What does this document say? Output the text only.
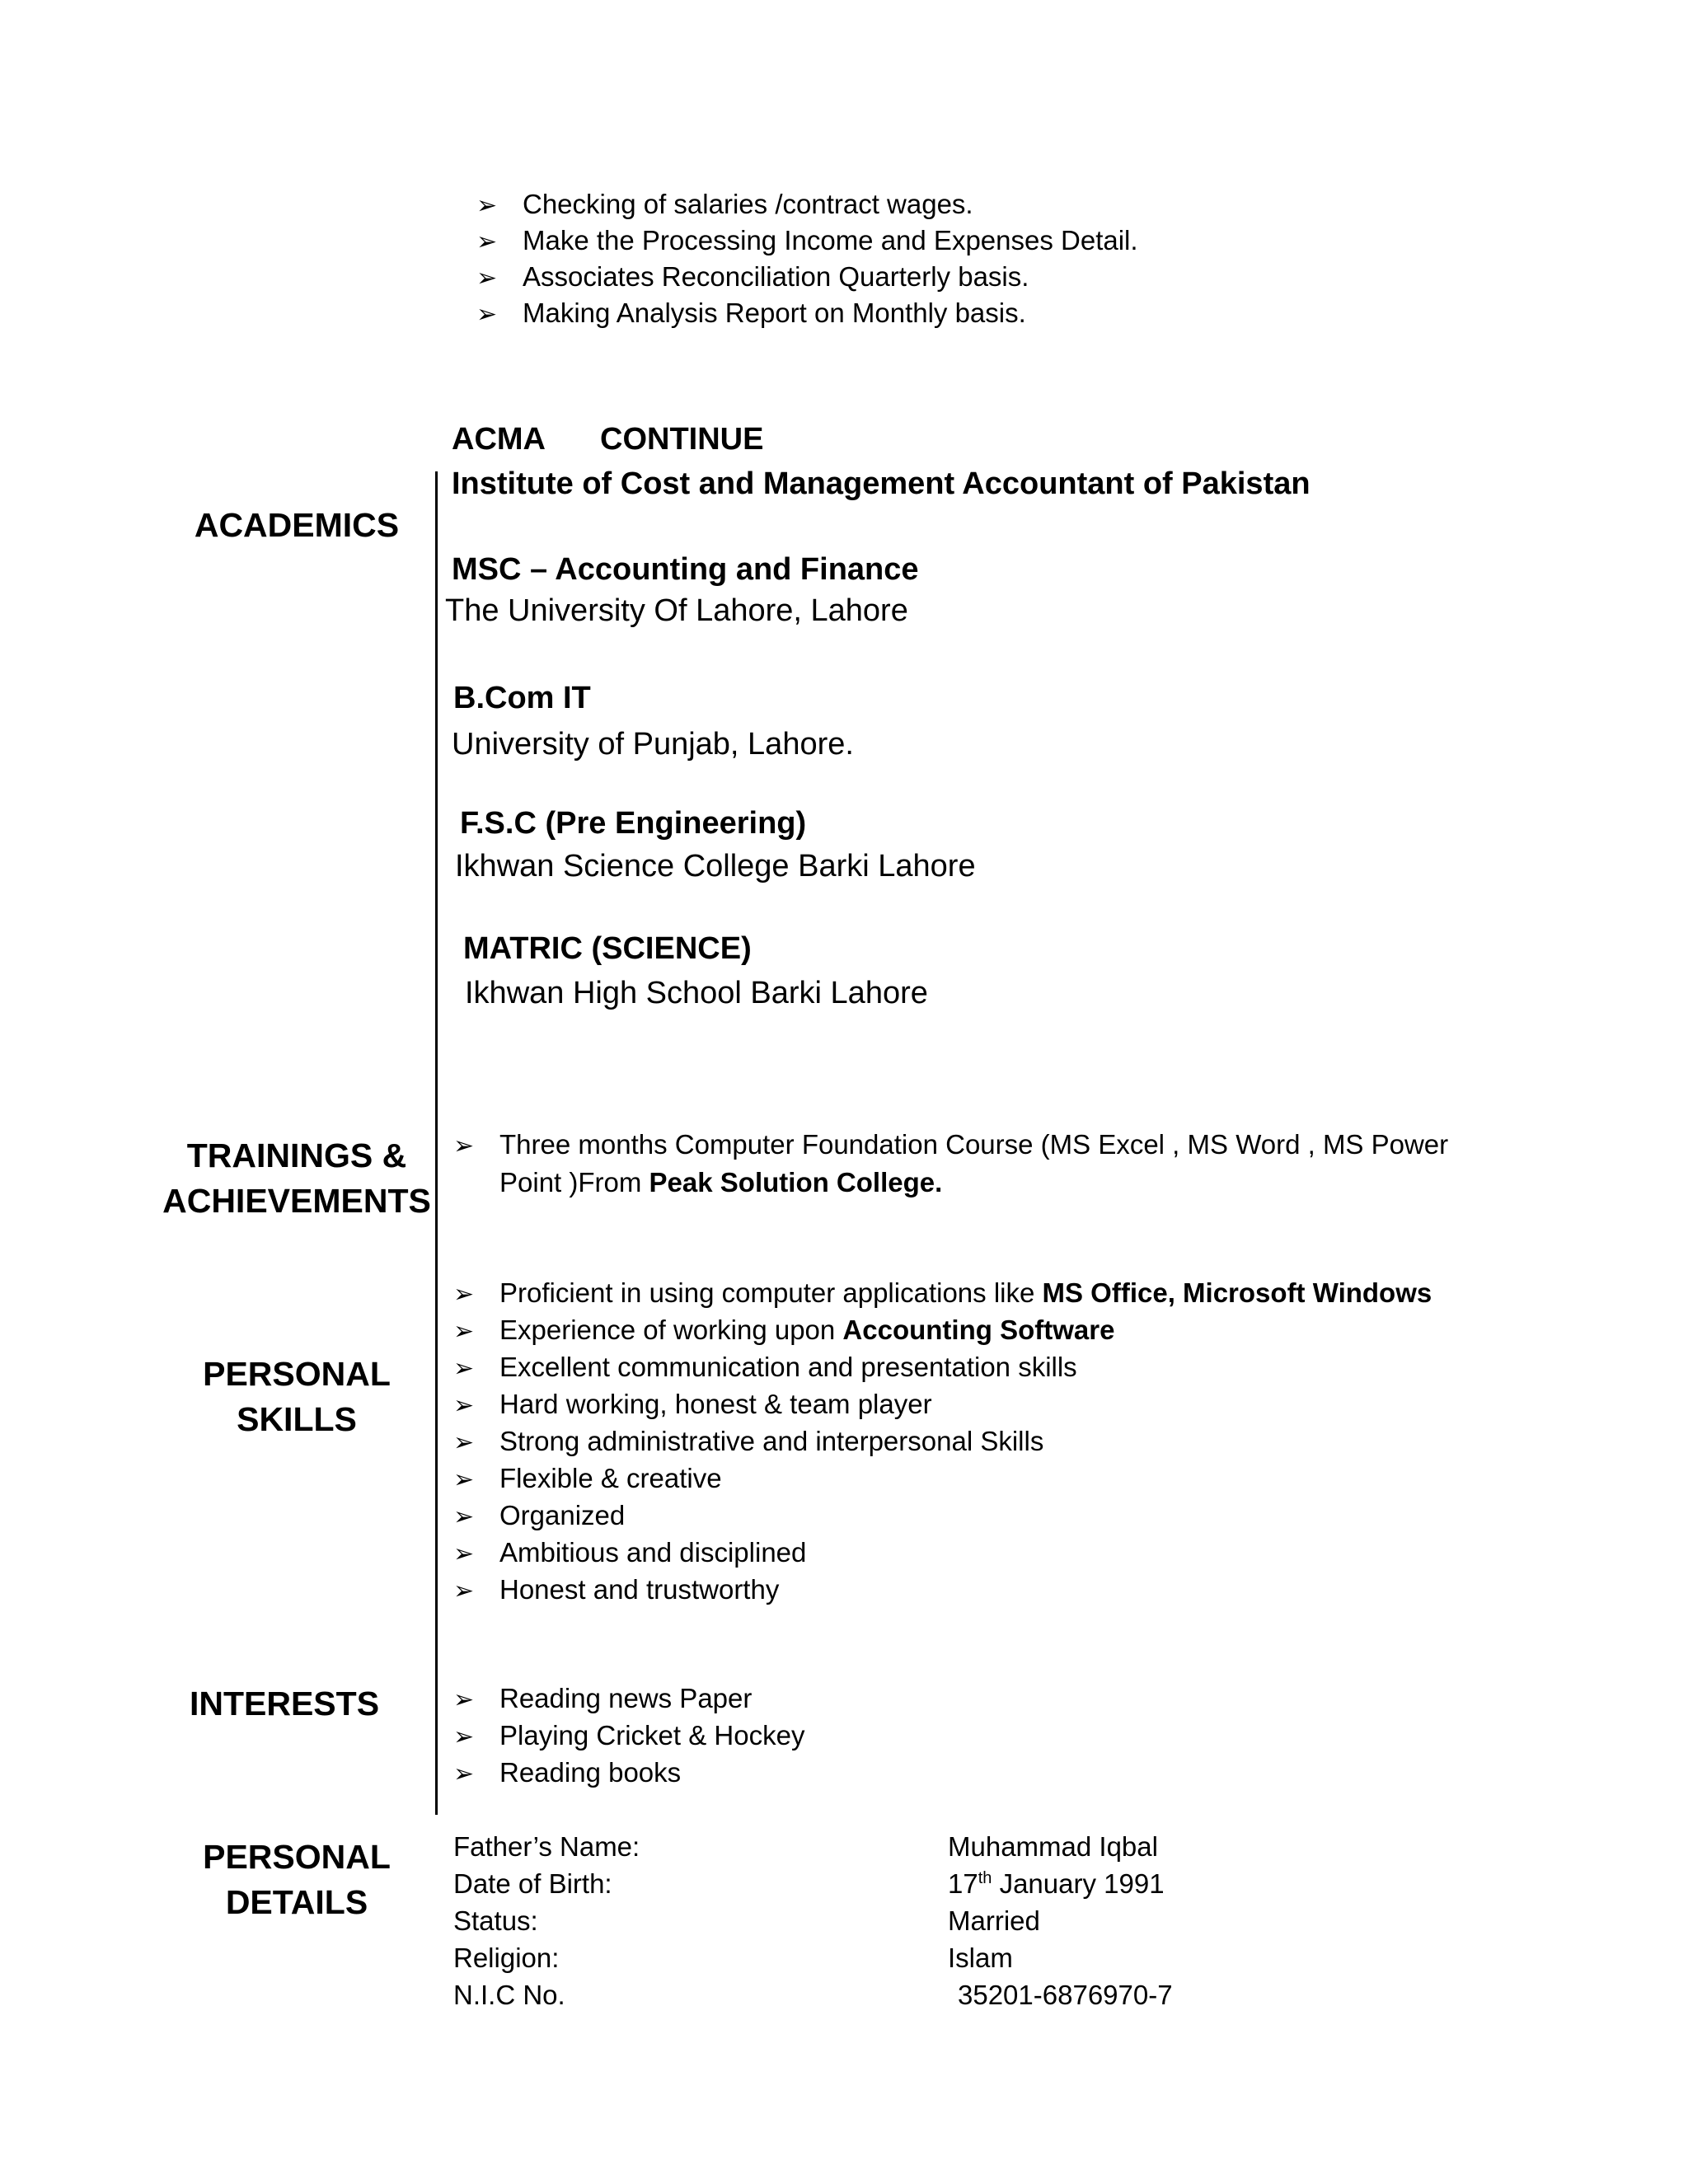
➢ Checking of salaries /contract wages.
➢ Make the Processing Income and Expenses Detail.
➢ Associates Reconciliation Quarterly basis.
➢ Making Analysis Report on Monthly basis.
ACADEMICS
ACMA CONTINUE
Institute of Cost and Management Accountant of Pakistan
MSC – Accounting and Finance
The University Of Lahore, Lahore
B.Com IT
University of Punjab, Lahore.
F.S.C (Pre Engineering)
Ikhwan Science College Barki Lahore
MATRIC (SCIENCE)
Ikhwan High School Barki Lahore
TRAININGS &
ACHIEVEMENTS
➢ Three months Computer Foundation Course (MS Excel , MS Word , MS Power
Point )From Peak Solution College.
PERSONAL
SKILLS
➢ Proficient in using computer applications like MS Office, Microsoft Windows
➢ Experience of working upon Accounting Software
➢ Excellent communication and presentation skills
➢ Hard working, honest & team player
➢ Strong administrative and interpersonal Skills
➢ Flexible & creative
➢ Organized
➢ Ambitious and disciplined
➢ Honest and trustworthy
INTERESTS	➢ Reading news Paper
➢ Playing Cricket & Hockey
➢ Reading books
PERSONAL
DETAILS
Father’s Name:	Muhammad Iqbal
Date of Birth:	17th January 1991
Status:	Married
Religion:	Islam
N.I.C No.	35201-6876970-7
